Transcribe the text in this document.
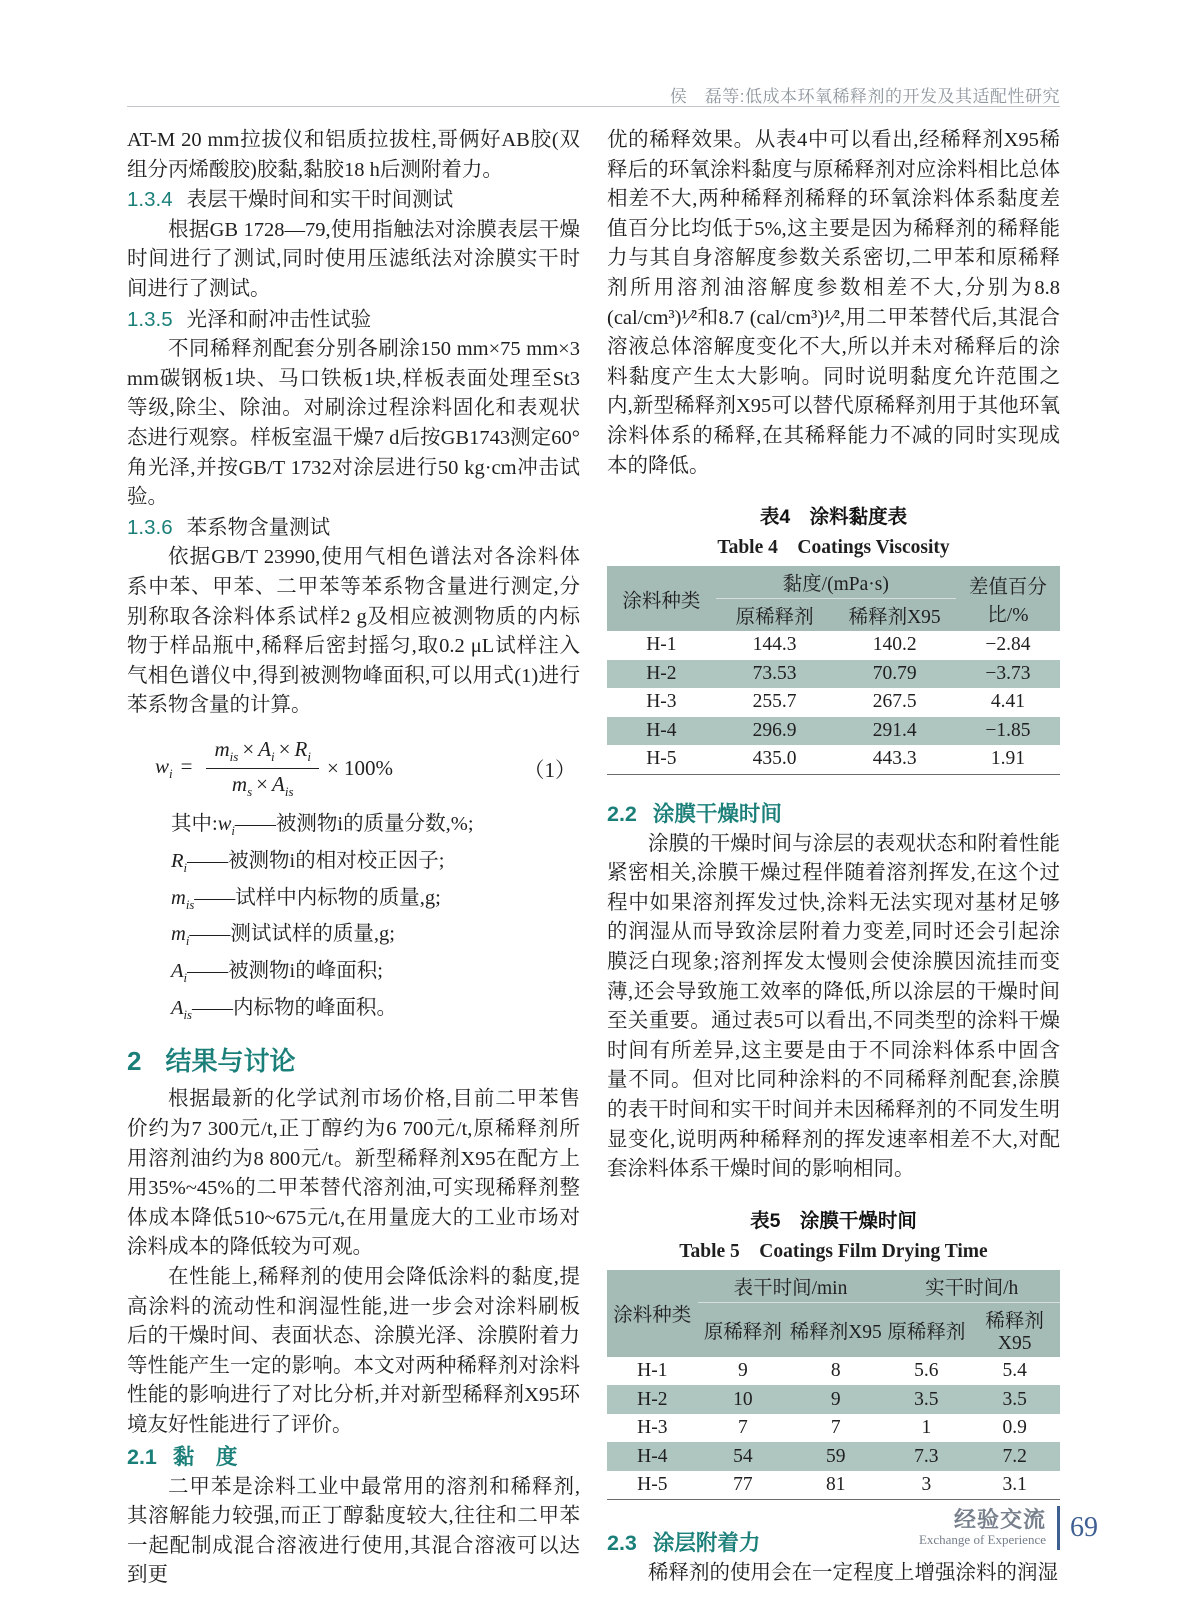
侯　磊等:低成本环氧稀释剂的开发及其适配性研究

AT-M 20 mm拉拔仪和铝质拉拔柱,哥俩好AB胶(双组分丙烯酸胶)胶黏,黏胶18 h后测附着力。

1.3.4 表层干燥时间和实干时间测试

根据GB 1728—79,使用指触法对涂膜表层干燥时间进行了测试,同时使用压滤纸法对涂膜实干时间进行了测试。

1.3.5 光泽和耐冲击性试验

不同稀释剂配套分别各刷涂150 mm×75 mm×3 mm碳钢板1块、马口铁板1块,样板表面处理至St3等级,除尘、除油。对刷涂过程涂料固化和表观状态进行观察。样板室温干燥7 d后按GB1743测定60°角光泽,并按GB/T 1732对涂层进行50 kg·cm冲击试验。

1.3.6 苯系物含量测试

依据GB/T 23990,使用气相色谱法对各涂料体系中苯、甲苯、二甲苯等苯系物含量进行测定,分别称取各涂料体系试样2 g及相应被测物质的内标物于样品瓶中,稀释后密封摇匀,取0.2 μL试样注入气相色谱仪中,得到被测物峰面积,可以用式(1)进行苯系物含量的计算。

$w_i = \frac{m_{is} \times A_i \times R_i}{m_s \times A_{is}} \times 100\%$	（1）

其中$:w_i——$被测物i的质量分数,%;

$R_i——$被测物i的相对校正因子;

$m_{is}——$试样中内标物的质量,g;

$m_i——$测试试样的质量,g;

$A_i——$被测物i的峰面积;

$A_{is}——$内标物的峰面积。

2 结果与讨论

根据最新的化学试剂市场价格,目前二甲苯售价约为7 300元/t,正丁醇约为6 700元/t,原稀释剂所用溶剂油约为8 800元/t。新型稀释剂X95在配方上用35%~45%的二甲苯替代溶剂油,可实现稀释剂整体成本降低510~675元/t,在用量庞大的工业市场对涂料成本的降低较为可观。

在性能上,稀释剂的使用会降低涂料的黏度,提高涂料的流动性和润湿性能,进一步会对涂料刷板后的干燥时间、表面状态、涂膜光泽、涂膜附着力等性能产生一定的影响。本文对两种稀释剂对涂料性能的影响进行了对比分析,并对新型稀释剂X95环境友好性能进行了评价。

2.1 黏　度

二甲苯是涂料工业中最常用的溶剂和稀释剂,其溶解能力较强,而正丁醇黏度较大,往往和二甲苯一起配制成混合溶液进行使用,其混合溶液可以达到更

优的稀释效果。从表4中可以看出,经稀释剂X95稀释后的环氧涂料黏度与原稀释剂对应涂料相比总体相差不大,两种稀释剂稀释的环氧涂料体系黏度差值百分比均低于5%,这主要是因为稀释剂的稀释能力与其自身溶解度参数关系密切,二甲苯和原稀释剂所用溶剂油溶解度参数相差不大,分别为8.8 (cal/cm³)¹⁄²和8.7 (cal/cm³)¹⁄²,用二甲苯替代后,其混合溶液总体溶解度变化不大,所以并未对稀释后的涂料黏度产生太大影响。同时说明黏度允许范围之内,新型稀释剂X95可以替代原稀释剂用于其他环氧涂料体系的稀释,在其稀释能力不减的同时实现成本的降低。

表4　涂料黏度表

Table 4　Coatings Viscosity

涂料种类	黏度/(mPa·s)		差值百分比/%
	原稀释剂	稀释剂X95	
H-1	144.3	140.2	−2.84
H-2	73.53	70.79	−3.73
H-3	255.7	267.5	4.41
H-4	296.9	291.4	−1.85
H-5	435.0	443.3	1.91
2.2 涂膜干燥时间

涂膜的干燥时间与涂层的表观状态和附着性能紧密相关,涂膜干燥过程伴随着溶剂挥发,在这个过程中如果溶剂挥发过快,涂料无法实现对基材足够的润湿从而导致涂层附着力变差,同时还会引起涂膜泛白现象;溶剂挥发太慢则会使涂膜因流挂而变薄,还会导致施工效率的降低,所以涂层的干燥时间至关重要。通过表5可以看出,不同类型的涂料干燥时间有所差异,这主要是由于不同涂料体系中固含量不同。但对比同种涂料的不同稀释剂配套,涂膜的表干时间和实干时间并未因稀释剂的不同发生明显变化,说明两种稀释剂的挥发速率相差不大,对配套涂料体系干燥时间的影响相同。

表5　涂膜干燥时间

Table 5　Coatings Film Drying Time

涂料种类	表干时间/min		实干时间/h	
	原稀释剂	稀释剂X95	原稀释剂	稀释剂X95
H-1	9	8	5.6	5.4
H-2	10	9	3.5	3.5
H-3	7	7	1	0.9
H-4	54	59	7.3	7.2
H-5	77	81	3	3.1
2.3 涂层附着力

稀释剂的使用会在一定程度上增强涂料的润湿

经验交流
Exchange of Experience 69
